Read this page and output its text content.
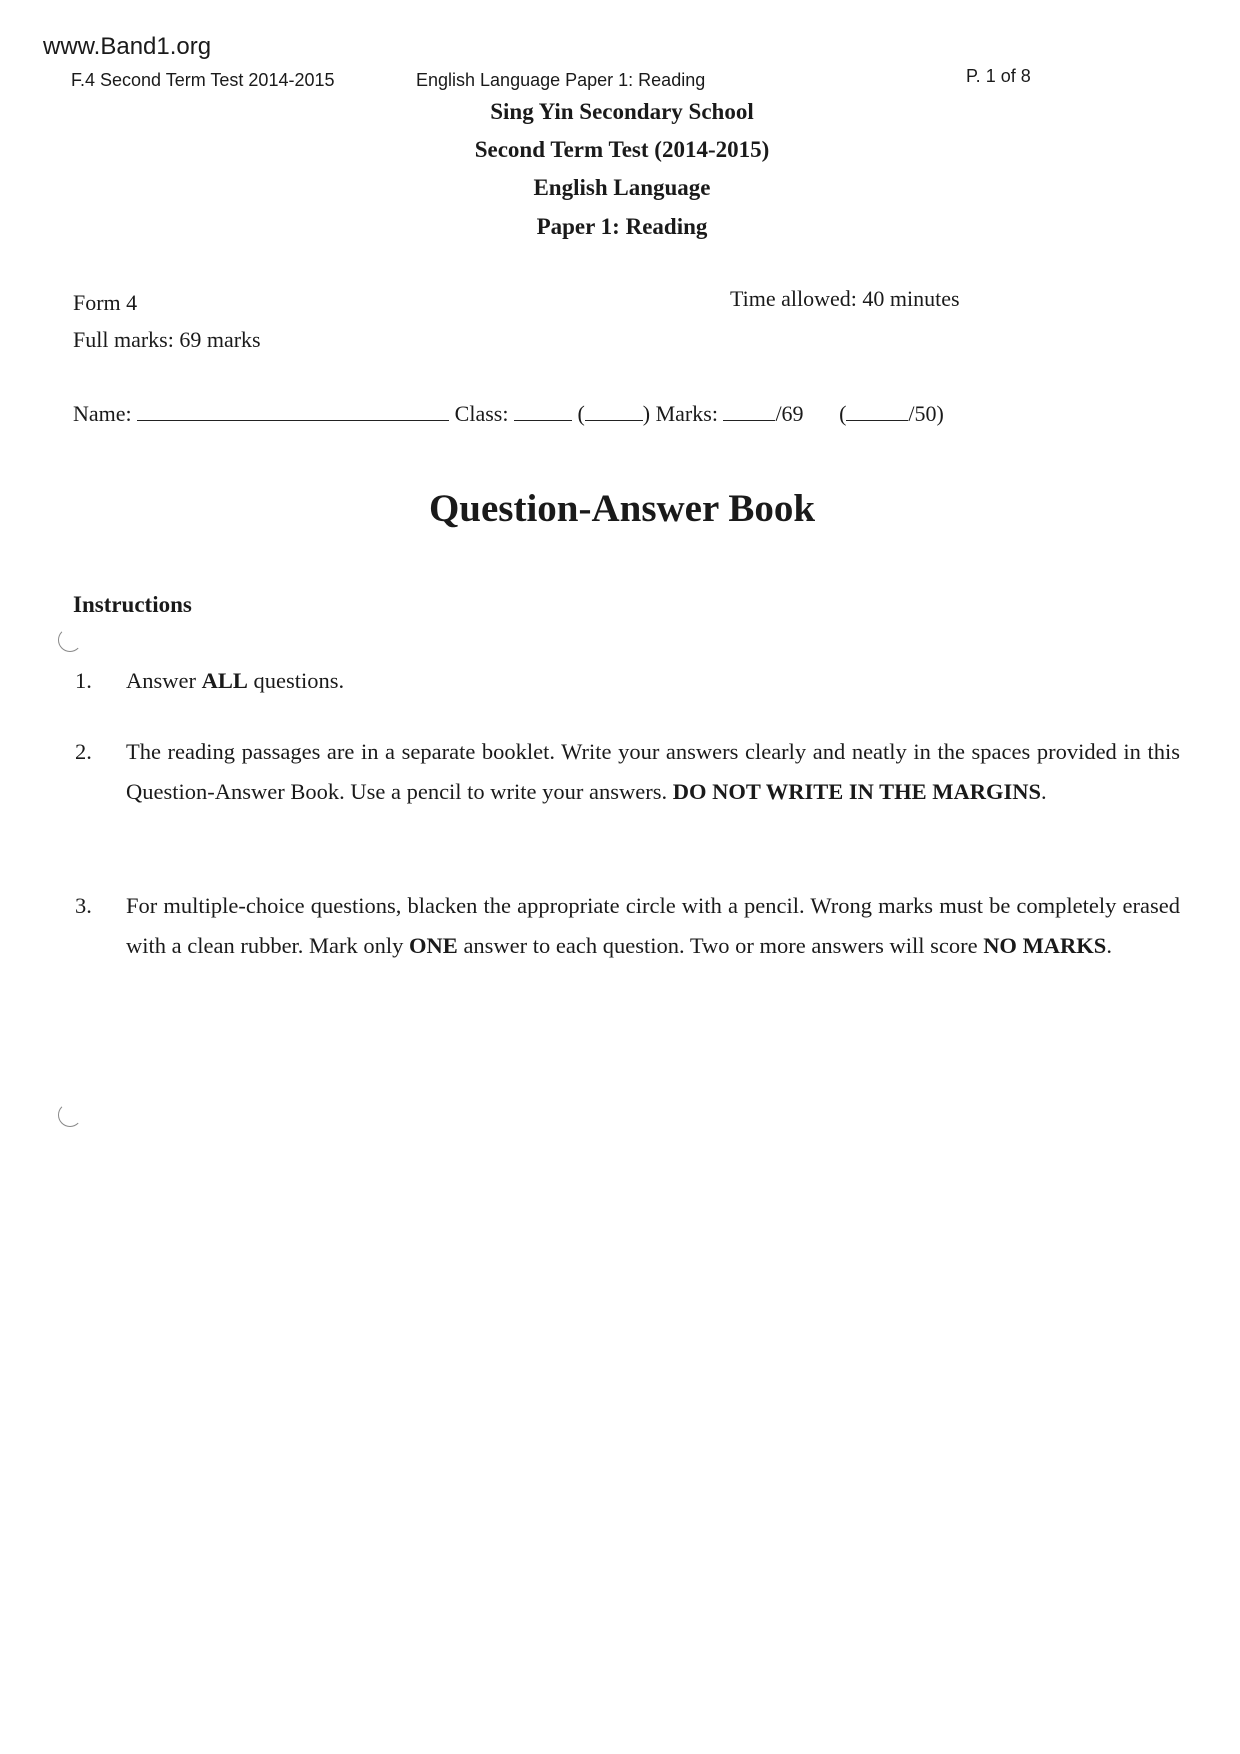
www.Band1.org
F.4 Second Term Test 2014-2015	English Language Paper 1: Reading	P. 1 of 8
Sing Yin Secondary School
Second Term Test (2014-2015)
English Language
Paper 1: Reading
Form 4
Full marks: 69 marks
Time allowed: 40 minutes
Name:	Class:	(	) Marks:	/69 (	/50)
Question-Answer Book
Instructions
1. Answer ALL questions.
2. The reading passages are in a separate booklet. Write your answers clearly and neatly in the spaces provided in this Question-Answer Book. Use a pencil to write your answers. DO NOT WRITE IN THE MARGINS.
3. For multiple-choice questions, blacken the appropriate circle with a pencil. Wrong marks must be completely erased with a clean rubber. Mark only ONE answer to each question. Two or more answers will score NO MARKS.
